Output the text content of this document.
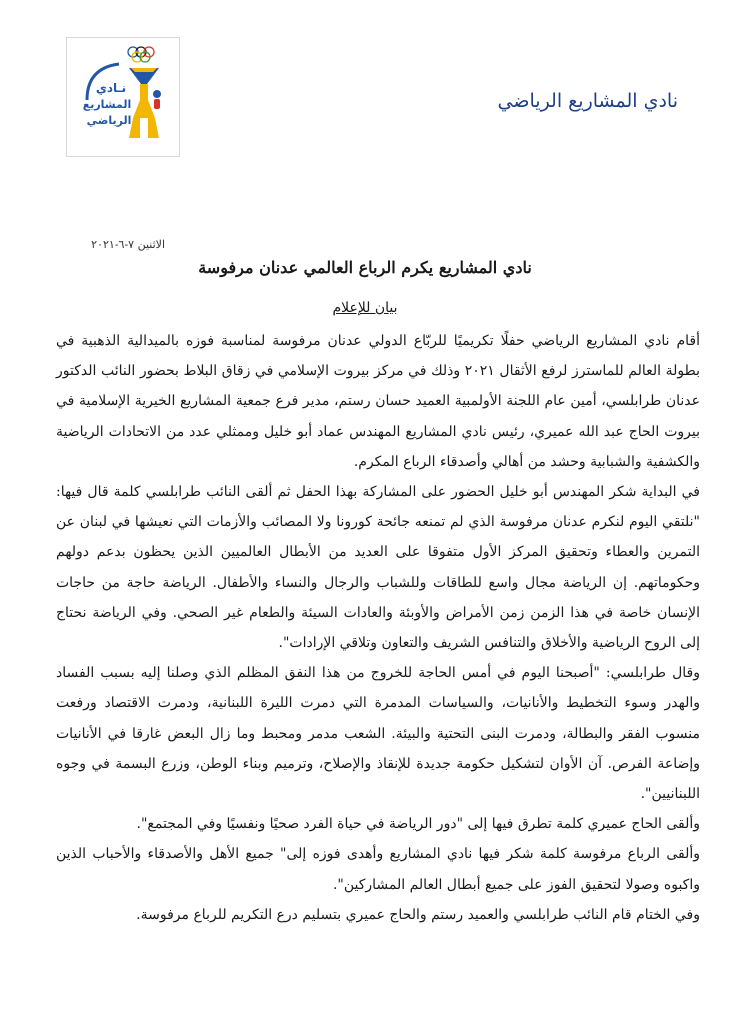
نـادي
المشاريع
الرياضي
نادي المشاريع الرياضي
الاثنين ٧-٦-٢٠٢١
نادي المشاريع يكرم الرباع العالمي عدنان مرفوسة
بيان للإعلام

أقام نادي المشاريع الرياضي حفلًا تكريميًا للربّاع الدولي عدنان مرفوسة لمناسبة فوزه بالميدالية الذهبية في بطولة العالم للماسترز لرفع الأثقال ٢٠٢١ وذلك في مركز بيروت الإسلامي في زقاق البلاط بحضور النائب الدكتور عدنان طرابلسي، أمين عام اللجنة الأولمبية العميد حسان رستم، مدير فرع جمعية المشاريع الخيرية الإسلامية في بيروت الحاج عبد الله عميري، رئيس نادي المشاريع المهندس عماد أبو خليل وممثلي عدد من الاتحادات الرياضية والكشفية والشبابية وحشد من أهالي وأصدقاء الرباع المكرم.

في البداية شكر المهندس أبو خليل الحضور على المشاركة بهذا الحفل ثم ألقى النائب طرابلسي كلمة قال فيها: "نلتقي اليوم لنكرم عدنان مرفوسة الذي لم تمنعه جائحة كورونا ولا المصائب والأزمات التي نعيشها في لبنان عن التمرين والعطاء وتحقيق المركز الأول متفوقا على العديد من الأبطال العالميين الذين يحظون بدعم دولهم وحكوماتهم. إن الرياضة مجال واسع للطاقات وللشباب والرجال والنساء والأطفال. الرياضة حاجة من حاجات الإنسان خاصة في هذا الزمن زمن الأمراض والأوبئة والعادات السيئة والطعام غير الصحي. وفي الرياضة نحتاج إلى الروح الرياضية والأخلاق والتنافس الشريف والتعاون وتلاقي الإرادات".

وقال طرابلسي: "أصبحنا اليوم في أمس الحاجة للخروج من هذا النفق المظلم الذي وصلنا إليه بسبب الفساد والهدر وسوء التخطيط والأنانيات، والسياسات المدمرة التي دمرت الليرة اللبنانية، ودمرت الاقتصاد ورفعت منسوب الفقر والبطالة، ودمرت البنى التحتية والبيئة. الشعب مدمر ومحبط وما زال البعض غارقا في الأنانيات وإضاعة الفرص. آن الأوان لتشكيل حكومة جديدة للإنقاذ والإصلاح، وترميم وبناء الوطن، وزرع البسمة في وجوه اللبنانيين".

وألقى الحاج عميري كلمة تطرق فيها إلى "دور الرياضة في حياة الفرد صحيًا ونفسيًا وفي المجتمع".

وألقى الرباع مرفوسة كلمة شكر فيها نادي المشاريع وأهدى فوزه إلى" جميع الأهل والأصدقاء والأحباب الذين واكبوه وصولا لتحقيق الفوز على جميع أبطال العالم المشاركين".

وفي الختام قام النائب طرابلسي والعميد رستم والحاج عميري بتسليم درع التكريم للرباع مرفوسة.
